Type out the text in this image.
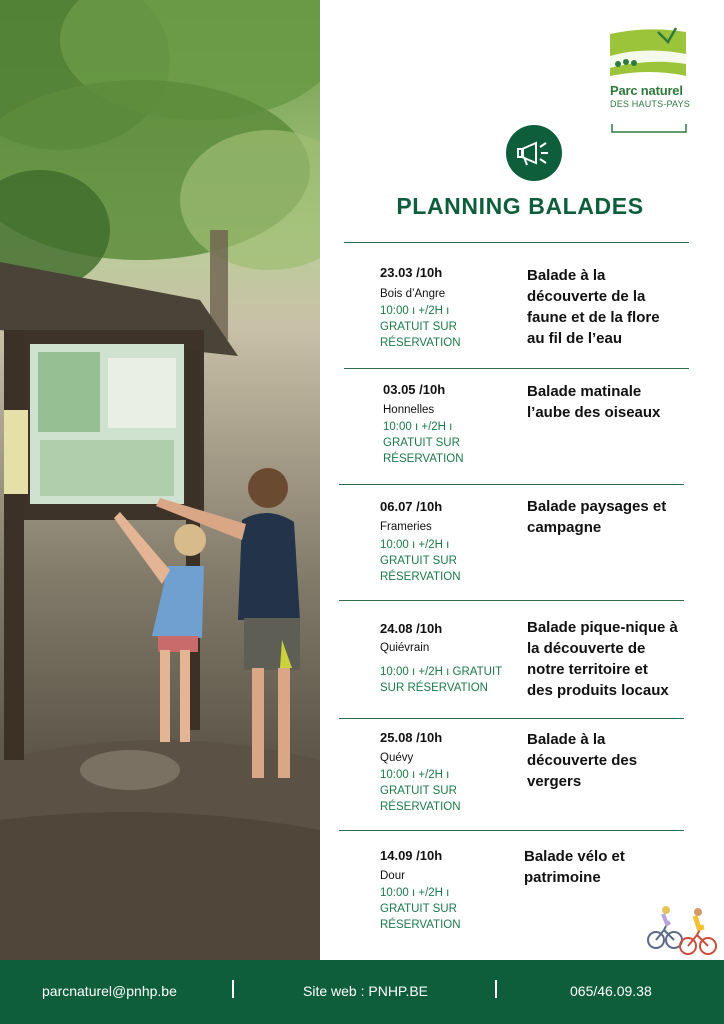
Parc naturel
DES HAUTS-PAYS
PLANNING BALADES
23.03 /10h
Bois d’Angre
10:00 ı +/2H ı
GRATUIT SUR
RÉSERVATION
Balade à la
découverte de la
faune et de la flore
au fil de l’eau
03.05 /10h
Honnelles
10:00 ı +/2H ı
GRATUIT SUR
RÉSERVATION
Balade matinale
l’aube des oiseaux
06.07 /10h
Frameries
10:00 ı +/2H ı
GRATUIT SUR
RÉSERVATION
Balade paysages et
campagne
24.08 /10h
Quiévrain
10:00 ı +/2H ı GRATUIT
SUR RÉSERVATION
Balade pique-nique à
la découverte de
notre territoire et
des produits locaux
25.08 /10h
Quévy
10:00 ı +/2H ı
GRATUIT SUR
RÉSERVATION
Balade à la
découverte des
vergers
14.09 /10h
Dour
10:00 ı +/2H ı
GRATUIT SUR
RÉSERVATION
Balade vélo et
patrimoine
parcnaturel@pnhp.be	Site web : PNHP.BE	065/46.09.38
